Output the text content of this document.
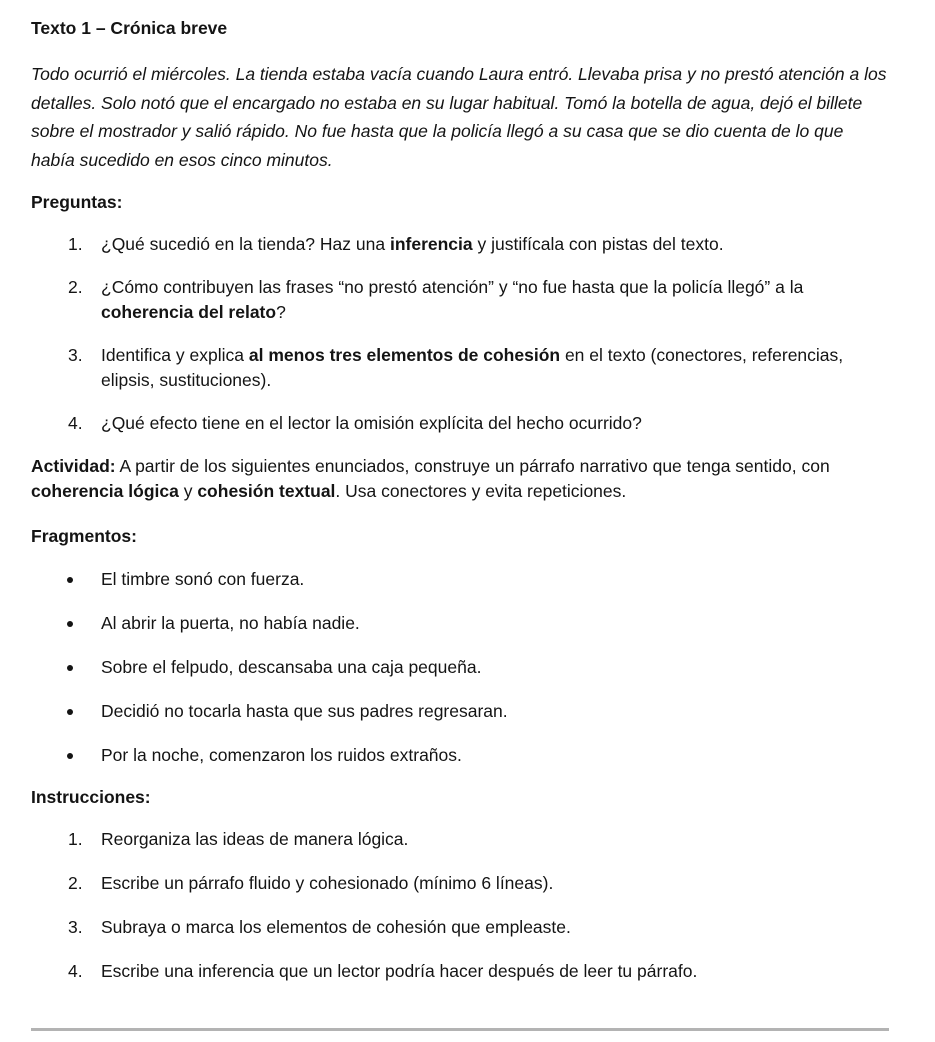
Texto 1 – Crónica breve

Todo ocurrió el miércoles. La tienda estaba vacía cuando Laura entró. Llevaba prisa y no prestó atención a los detalles. Solo notó que el encargado no estaba en su lugar habitual. Tomó la botella de agua, dejó el billete sobre el mostrador y salió rápido. No fue hasta que la policía llegó a su casa que se dio cuenta de lo que había sucedido en esos cinco minutos.

Preguntas:
1. ¿Qué sucedió en la tienda? Haz una inferencia y justifícala con pistas del texto.
2. ¿Cómo contribuyen las frases “no prestó atención” y “no fue hasta que la policía llegó” a la coherencia del relato?
3. Identifica y explica al menos tres elementos de cohesión en el texto (conectores, referencias, elipsis, sustituciones).
4. ¿Qué efecto tiene en el lector la omisión explícita del hecho ocurrido?

Actividad: A partir de los siguientes enunciados, construye un párrafo narrativo que tenga sentido, con coherencia lógica y cohesión textual. Usa conectores y evita repeticiones.

Fragmentos:
El timbre sonó con fuerza.
Al abrir la puerta, no había nadie.
Sobre el felpudo, descansaba una caja pequeña.
Decidió no tocarla hasta que sus padres regresaran.
Por la noche, comenzaron los ruidos extraños.
Instrucciones:
1. Reorganiza las ideas de manera lógica.
2. Escribe un párrafo fluido y cohesionado (mínimo 6 líneas).
3. Subraya o marca los elementos de cohesión que empleaste.
4. Escribe una inferencia que un lector podría hacer después de leer tu párrafo.
